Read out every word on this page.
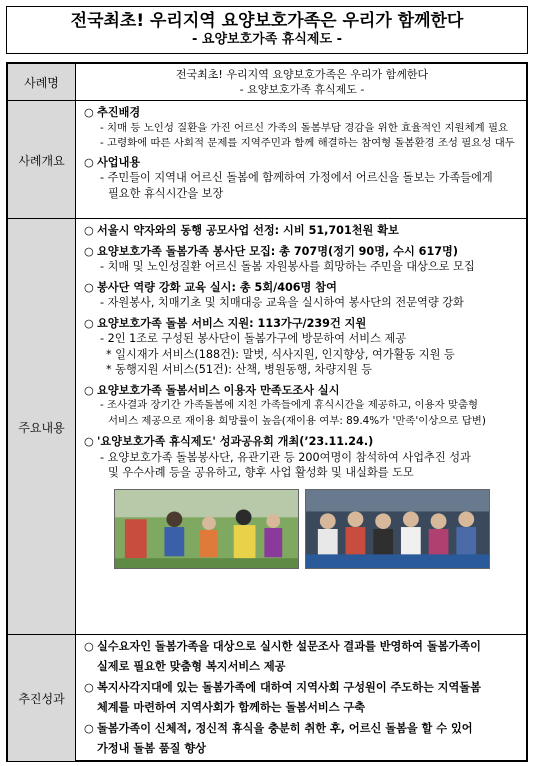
전국최초! 우리지역 요양보호가족은 우리가 함께한다
- 요양보호가족 휴식제도 -
사례명
전국최초! 우리지역 요양보호가족은 우리가 함께한다
- 요양보호가족 휴식제도 -
사례개요
○ 추진배경
- 치매 등 노인성 질환을 가진 어르신 가족의 돌봄부담 경감을 위한 효율적인 지원체계 필요
- 고령화에 따른 사회적 문제를 지역주민과 함께 해결하는 참여형 돌봄환경 조성 필요성 대두
○ 사업내용
- 주민들이 지역내 어르신 돌봄에 함께하여 가정에서 어르신을 돌보는 가족들에게
필요한 휴식시간을 보장
주요내용
○ 서울시 약자와의 동행 공모사업 선정: 시비 51,701천원 확보
○ 요양보호가족 돌봄가족 봉사단 모집: 총 707명(정기 90명, 수시 617명)
- 치매 및 노인성질환 어르신 돌봄 자원봉사를 희망하는 주민을 대상으로 모집
○ 봉사단 역량 강화 교육 실시: 총 5회/406명 참여
- 자원봉사, 치매기초 및 치매대응 교육을 실시하여 봉사단의 전문역량 강화
○ 요양보호가족 돌봄 서비스 지원: 113가구/239건 지원
- 2인 1조로 구성된 봉사단이 돌봄가구에 방문하여 서비스 제공
* 일시재가 서비스(188건): 말벗, 식사지원, 인지향상, 여가활동 지원 등
* 동행지원 서비스(51건): 산책, 병원동행, 차량지원 등
○ 요양보호가족 돌봄서비스 이용자 만족도조사 실시
- 조사결과 장기간 가족돌봄에 지친 가족들에게 휴식시간을 제공하고, 이용자 맞춤형
서비스 제공으로 재이용 희망률이 높음(재이용 여부: 89.4%가 '만족'이상으로 답변)
○ '요양보호가족 휴식제도' 성과공유회 개최(’23.11.24.)
- 요양보호가족 돌봄봉사단, 유관기관 등 200여명이 참석하여 사업추진 성과
및 우수사례 등을 공유하고, 향후 사업 활성화 및 내실화를 도모
추진성과
○ 실수요자인 돌봄가족을 대상으로 실시한 설문조사 결과를 반영하여 돌봄가족이
실제로 필요한 맞춤형 복지서비스 제공
○ 복지사각지대에 있는 돌봄가족에 대하여 지역사회 구성원이 주도하는 지역돌봄
체계를 마련하여 지역사회가 함께하는 돌봄서비스 구축
○ 돌봄가족이 신체적, 정신적 휴식을 충분히 취한 후, 어르신 돌봄을 할 수 있어
가정내 돌봄 품질 향상
